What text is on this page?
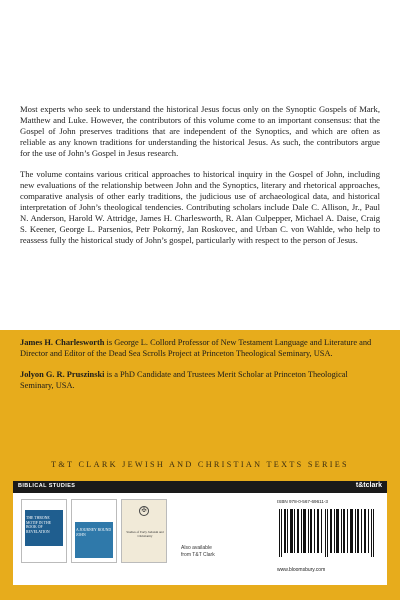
Most experts who seek to understand the historical Jesus focus only on the Synoptic Gospels of Mark, Matthew and Luke. However, the contributors of this volume come to an important consensus: that the Gospel of John preserves traditions that are independent of the Synoptics, and which are often as reliable as any known traditions for understanding the historical Jesus. As such, the contributors argue for the use of John’s Gospel in Jesus research.

The volume contains various critical approaches to historical inquiry in the Gospel of John, including new evaluations of the relationship between John and the Synoptics, literary and rhetorical approaches, comparative analysis of other early traditions, the judicious use of archaeological data, and historical interpretation of John’s theological tendencies. Contributing scholars include Dale C. Allison, Jr., Paul N. Anderson, Harold W. Attridge, James H. Charlesworth, R. Alan Culpepper, Michael A. Daise, Craig S. Keener, George L. Parsenios, Petr Pokorný, Jan Roskovec, and Urban C. von Wahlde, who help to reassess fully the historical study of John’s gospel, particularly with respect to the person of Jesus.

James H. Charlesworth is George L. Collord Professor of New Testament Language and Literature and Director and Editor of the Dead Sea Scrolls Project at Princeton Theological Seminary, USA.
Jolyon G. R. Pruszinski is a PhD Candidate and Trustees Merit Scholar at Princeton Theological Seminary, USA.
T&T CLARK JEWISH AND CHRISTIAN TEXTS SERIES
BIBLICAL STUDIES	t&tclark
THE THRONE MOTIF IN THE BOOK OF REVELATION	A JOURNEY ROUND JOHN
✠
Studies of Early Judaism and Christianity
Also available
from T&T Clark
ISBN 978-0-567-69611-3
www.bloomsbury.com
